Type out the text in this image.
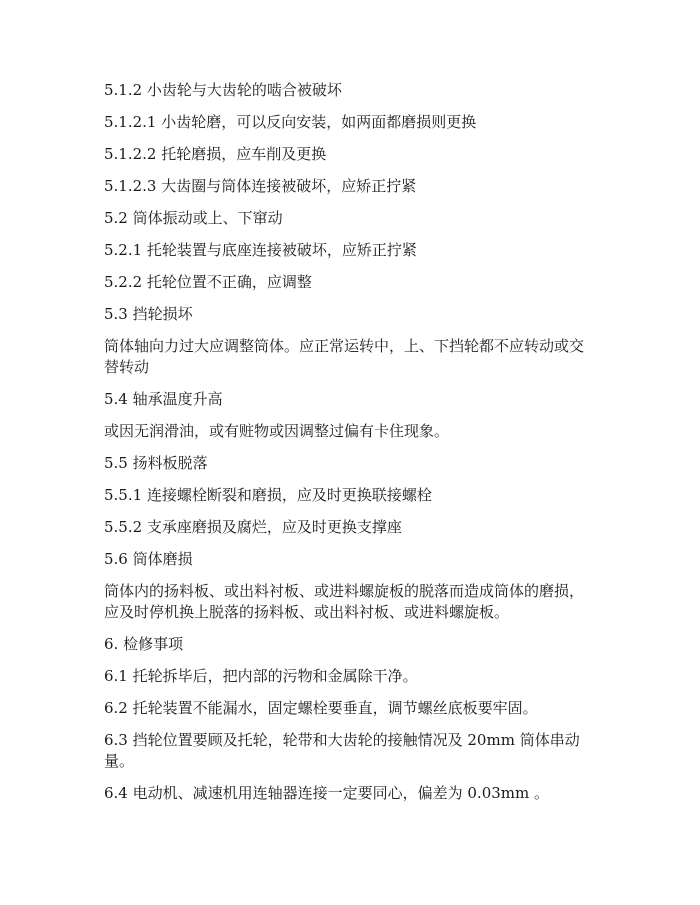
5.1.2 小齿轮与大齿轮的啮合被破坏

5.1.2.1 小齿轮磨，可以反向安装，如两面都磨损则更换

5.1.2.2 托轮磨损，应车削及更换

5.1.2.3 大齿圈与筒体连接被破坏，应矫正拧紧

5.2 筒体振动或上、下窜动

5.2.1 托轮装置与底座连接被破坏，应矫正拧紧

5.2.2 托轮位置不正确，应调整

5.3 挡轮损坏

筒体轴向力过大应调整筒体。应正常运转中，上、下挡轮都不应转动或交替转动

5.4 轴承温度升高

或因无润滑油，或有赃物或因调整过偏有卡住现象。

5.5 扬料板脱落

5.5.1 连接螺栓断裂和磨损，应及时更换联接螺栓

5.5.2 支承座磨损及腐烂，应及时更换支撑座

5.6 筒体磨损

筒体内的扬料板、或出料衬板、或进料螺旋板的脱落而造成筒体的磨损，应及时停机换上脱落的扬料板、或出料衬板、或进料螺旋板。

6. 检修事项

6.1 托轮拆毕后，把内部的污物和金属除干净。

6.2 托轮装置不能漏水，固定螺栓要垂直，调节螺丝底板要牢固。

6.3 挡轮位置要顾及托轮，轮带和大齿轮的接触情况及 20mm 筒体串动量。

6.4 电动机、减速机用连轴器连接一定要同心，偏差为 0.03mm 。
